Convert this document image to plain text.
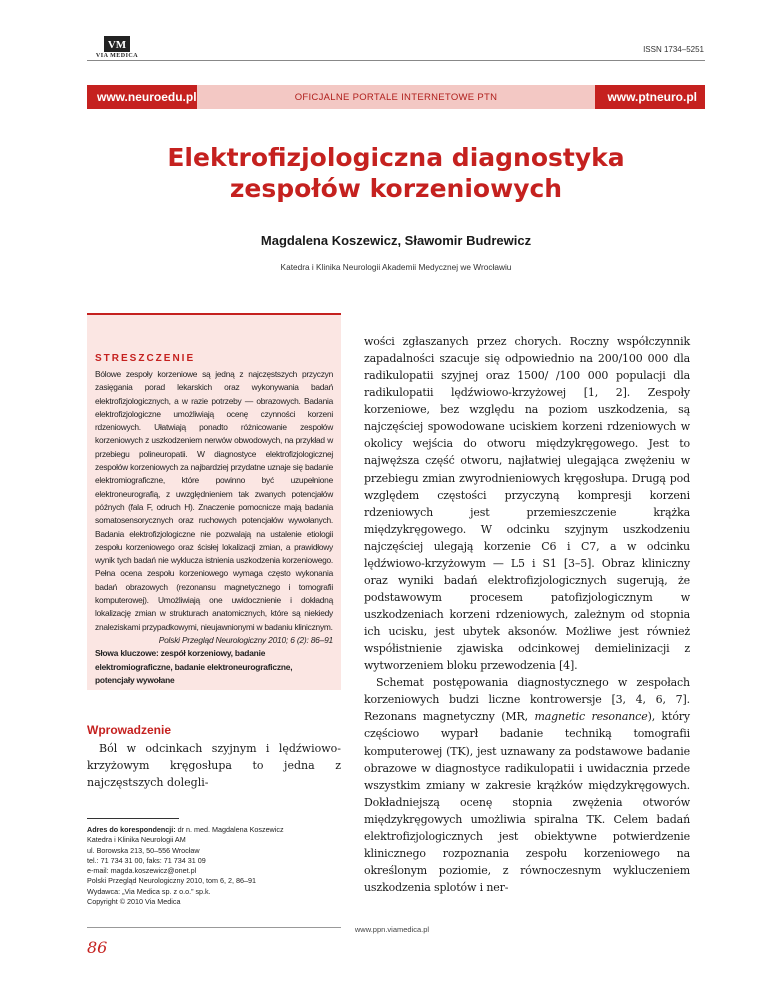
VM
VIA MEDICA
ISSN 1734–5251
www.neuroedu.pl	OFICJALNE PORTALE INTERNETOWE PTN	www.ptneuro.pl
Elektrofizjologiczna diagnostyka
zespołów korzeniowych
Magdalena Koszewicz, Sławomir Budrewicz
Katedra i Klinika Neurologii Akademii Medycznej we Wrocławiu
STRESZCZENIE
Bólowe zespoły korzeniowe są jedną z najczęstszych przyczyn zasięgania porad lekarskich oraz wykonywania badań elektrofizjologicznych, a w razie potrzeby — obrazowych. Badania elektrofizjologiczne umożliwiają ocenę czynności korzeni rdzeniowych. Ułatwiają ponadto różnicowanie zespołów korzeniowych z uszkodzeniem nerwów obwodowych, na przykład w przebiegu polineuropatii. W diagnostyce elektrofizjologicznej zespołów korzeniowych za najbardziej przydatne uznaje się badanie elektromiograficzne, które powinno być uzupełnione elektroneurografią, z uwzględnieniem tak zwanych potencjałów późnych (fala F, odruch H). Znaczenie pomocnicze mają badania somatosensorycznych oraz ruchowych potencjałów wywołanych. Badania elektrofizjologiczne nie pozwalają na ustalenie etiologii zespołu korzeniowego oraz ścisłej lokalizacji zmian, a prawidłowy wynik tych badań nie wyklucza istnienia uszkodzenia korzeniowego. Pełna ocena zespołu korzeniowego wymaga często wykonania badań obrazowych (rezonansu magnetycznego i tomografii komputerowej). Umożliwiają one uwidocznienie i dokładną lokalizację zmian w strukturach anatomicznych, które są niekiedy znaleziskami przypadkowymi, nieujawnionymi w badaniu klinicznym.
Polski Przegląd Neurologiczny 2010; 6 (2): 86–91
Słowa kluczowe: zespół korzeniowy, badanie elektromiograficzne, badanie elektroneurograficzne, potencjały wywołane
Wprowadzenie
Ból w odcinkach szyjnym i lędźwiowo-krzyżowym kręgosłupa to jedna z najczęstszych dolegli-
Adres do korespondencji: dr n. med. Magdalena Koszewicz
Katedra i Klinika Neurologii AM
ul. Borowska 213, 50–556 Wrocław
tel.: 71 734 31 00, faks: 71 734 31 09
e-mail: magda.koszewicz@onet.pl
Polski Przegląd Neurologiczny 2010, tom 6, 2, 86–91
Wydawca: „Via Medica sp. z o.o.” sp.k.
Copyright © 2010 Via Medica

wości zgłaszanych przez chorych. Roczny współczynnik zapadalności szacuje się odpowiednio na 200/100 000 dla radikulopatii szyjnej oraz 1500/ /100 000 populacji dla radikulopatii lędźwiowo-krzyżowej [1, 2]. Zespoły korzeniowe, bez względu na poziom uszkodzenia, są najczęściej spowodowane uciskiem korzeni rdzeniowych w okolicy wejścia do otworu międzykręgowego. Jest to najwęższa część otworu, najłatwiej ulegająca zwężeniu w przebiegu zmian zwyrodnieniowych kręgosłupa. Drugą pod względem częstości przyczyną kompresji korzeni rdzeniowych jest przemieszczenie krążka międzykręgowego. W odcinku szyjnym uszkodzeniu najczęściej ulegają korzenie C6 i C7, a w odcinku lędźwiowo-krzyżowym — L5 i S1 [3–5]. Obraz kliniczny oraz wyniki badań elektrofizjologicznych sugerują, że podstawowym procesem patofizjologicznym w uszkodzeniach korzeni rdzeniowych, zależnym od stopnia ich ucisku, jest ubytek aksonów. Możliwe jest również współistnienie zjawiska odcinkowej demielinizacji z wytworzeniem bloku przewodzenia [4].

Schemat postępowania diagnostycznego w zespołach korzeniowych budzi liczne kontrowersje [3, 4, 6, 7]. Rezonans magnetyczny (MR, magnetic resonance), który częściowo wyparł badanie techniką tomografii komputerowej (TK), jest uznawany za podstawowe badanie obrazowe w diagnostyce radikulopatii i uwidacznia przede wszystkim zmiany w zakresie krążków międzykręgowych. Dokładniejszą ocenę stopnia zwężenia otworów międzykręgowych umożliwia spiralna TK. Celem badań elektrofizjologicznych jest obiektywne potwierdzenie klinicznego rozpoznania zespołu korzeniowego na określonym poziomie, z równoczesnym wykluczeniem uszkodzenia splotów i ner-

86
www.ppn.viamedica.pl
